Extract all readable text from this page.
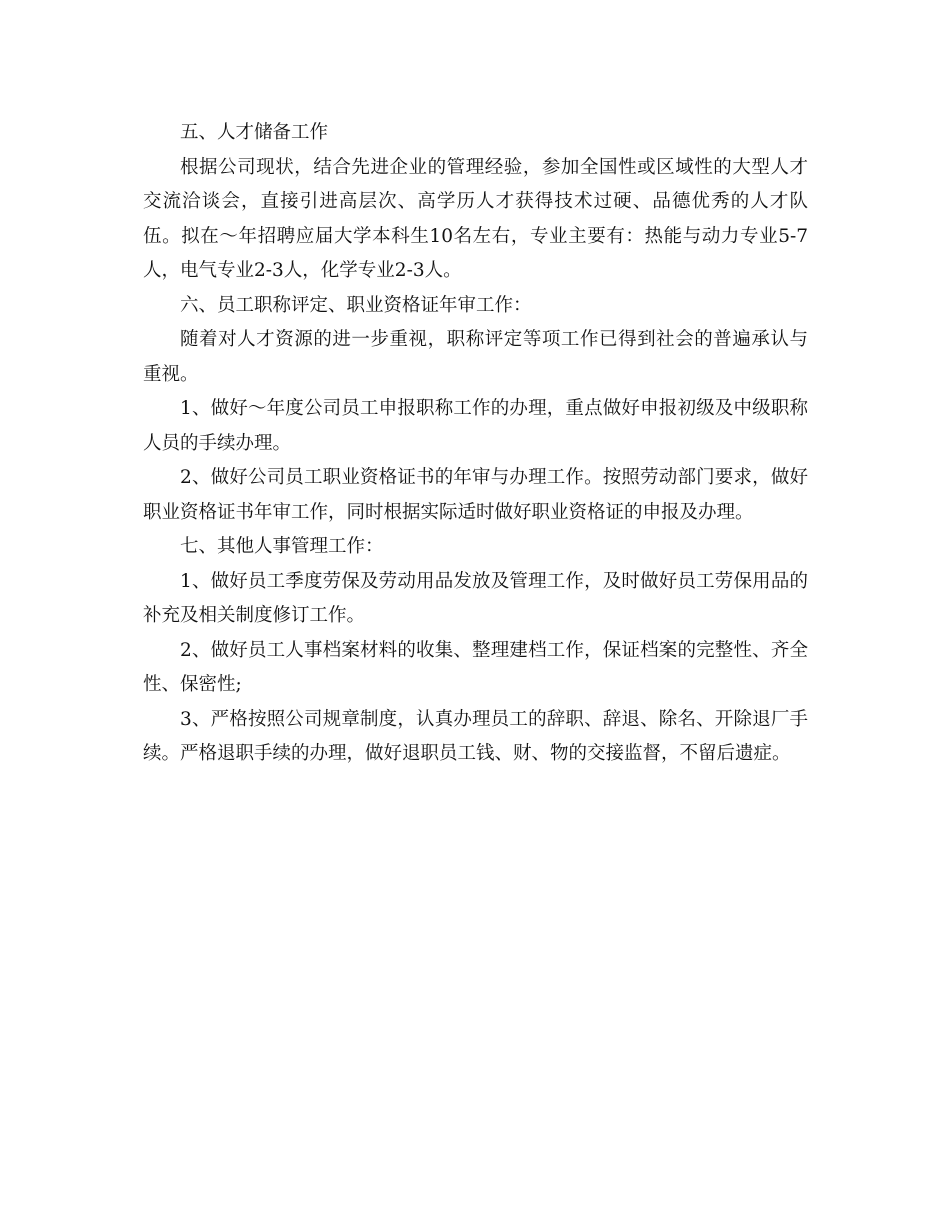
五、人才储备工作

根据公司现状，结合先进企业的管理经验，参加全国性或区域性的大型人才交流洽谈会，直接引进高层次、高学历人才获得技术过硬、品德优秀的人才队伍。拟在～年招聘应届大学本科生10名左右，专业主要有：热能与动力专业5-7人，电气专业2-3人，化学专业2-3人。

六、员工职称评定、职业资格证年审工作：

随着对人才资源的进一步重视，职称评定等项工作已得到社会的普遍承认与重视。

1、做好～年度公司员工申报职称工作的办理，重点做好申报初级及中级职称人员的手续办理。

2、做好公司员工职业资格证书的年审与办理工作。按照劳动部门要求，做好职业资格证书年审工作，同时根据实际适时做好职业资格证的申报及办理。

七、其他人事管理工作：

1、做好员工季度劳保及劳动用品发放及管理工作，及时做好员工劳保用品的补充及相关制度修订工作。

2、做好员工人事档案材料的收集、整理建档工作，保证档案的完整性、齐全性、保密性;

3、严格按照公司规章制度，认真办理员工的辞职、辞退、除名、开除退厂手续。严格退职手续的办理，做好退职员工钱、财、物的交接监督，不留后遗症。
